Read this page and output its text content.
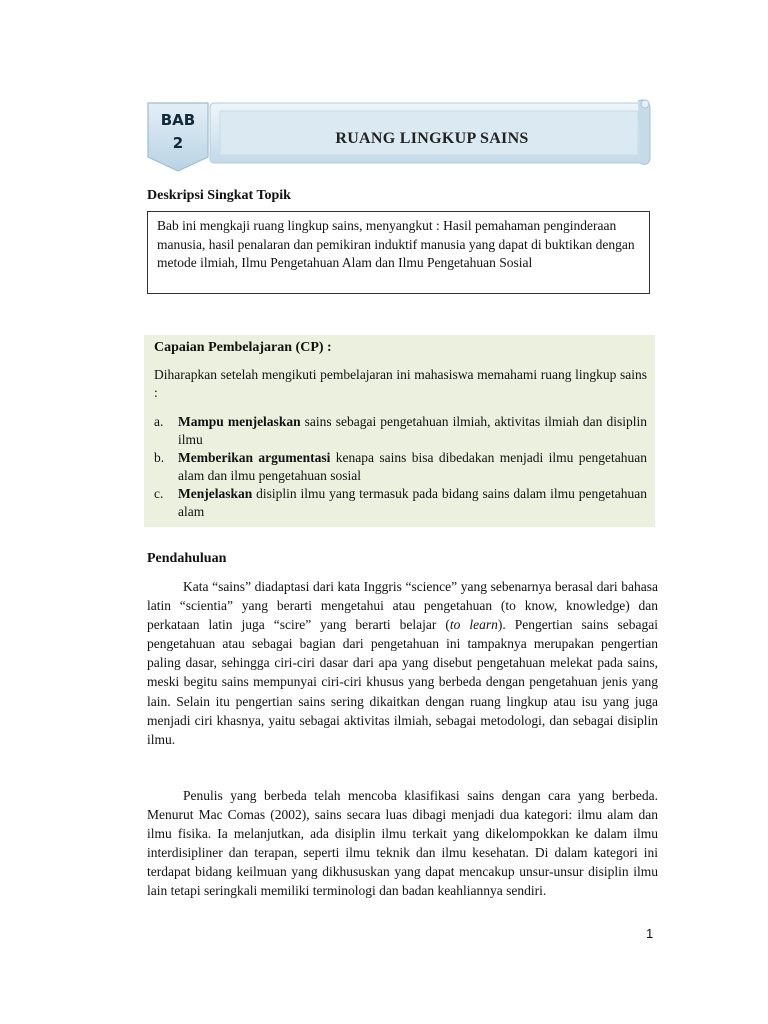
BAB
2	RUANG LINGKUP SAINS
Deskripsi Singkat Topik
Bab ini mengkaji ruang lingkup sains, menyangkut : Hasil pemahaman penginderaan manusia, hasil penalaran dan pemikiran induktif manusia yang dapat di buktikan dengan metode ilmiah, Ilmu Pengetahuan Alam dan Ilmu Pengetahuan Sosial
Capaian Pembelajaran (CP) :
Diharapkan setelah mengikuti pembelajaran ini mahasiswa memahami ruang lingkup sains :
a. Mampu menjelaskan sains sebagai pengetahuan ilmiah, aktivitas ilmiah dan disiplin ilmu
b. Memberikan argumentasi kenapa sains bisa dibedakan menjadi ilmu pengetahuan alam dan ilmu pengetahuan sosial
c. Menjelaskan disiplin ilmu yang termasuk pada bidang sains dalam ilmu pengetahuan alam
Pendahuluan
Kata “sains” diadaptasi dari kata Inggris “science” yang sebenarnya berasal dari bahasa latin “scientia” yang berarti mengetahui atau pengetahuan (to know, knowledge) dan perkataan latin juga “scire” yang berarti belajar (to learn). Pengertian sains sebagai pengetahuan atau sebagai bagian dari pengetahuan ini tampaknya merupakan pengertian paling dasar, sehingga ciri-ciri dasar dari apa yang disebut pengetahuan melekat pada sains, meski begitu sains mempunyai ciri-ciri khusus yang berbeda dengan pengetahuan jenis yang lain. Selain itu pengertian sains sering dikaitkan dengan ruang lingkup atau isu yang juga menjadi ciri khasnya, yaitu sebagai aktivitas ilmiah, sebagai metodologi, dan sebagai disiplin ilmu.
Penulis yang berbeda telah mencoba klasifikasi sains dengan cara yang berbeda. Menurut Mac Comas (2002), sains secara luas dibagi menjadi dua kategori: ilmu alam dan ilmu fisika. Ia melanjutkan, ada disiplin ilmu terkait yang dikelompokkan ke dalam ilmu interdisipliner dan terapan, seperti ilmu teknik dan ilmu kesehatan. Di dalam kategori ini terdapat bidang keilmuan yang dikhususkan yang dapat mencakup unsur-unsur disiplin ilmu lain tetapi seringkali memiliki terminologi dan badan keahliannya sendiri.
1
